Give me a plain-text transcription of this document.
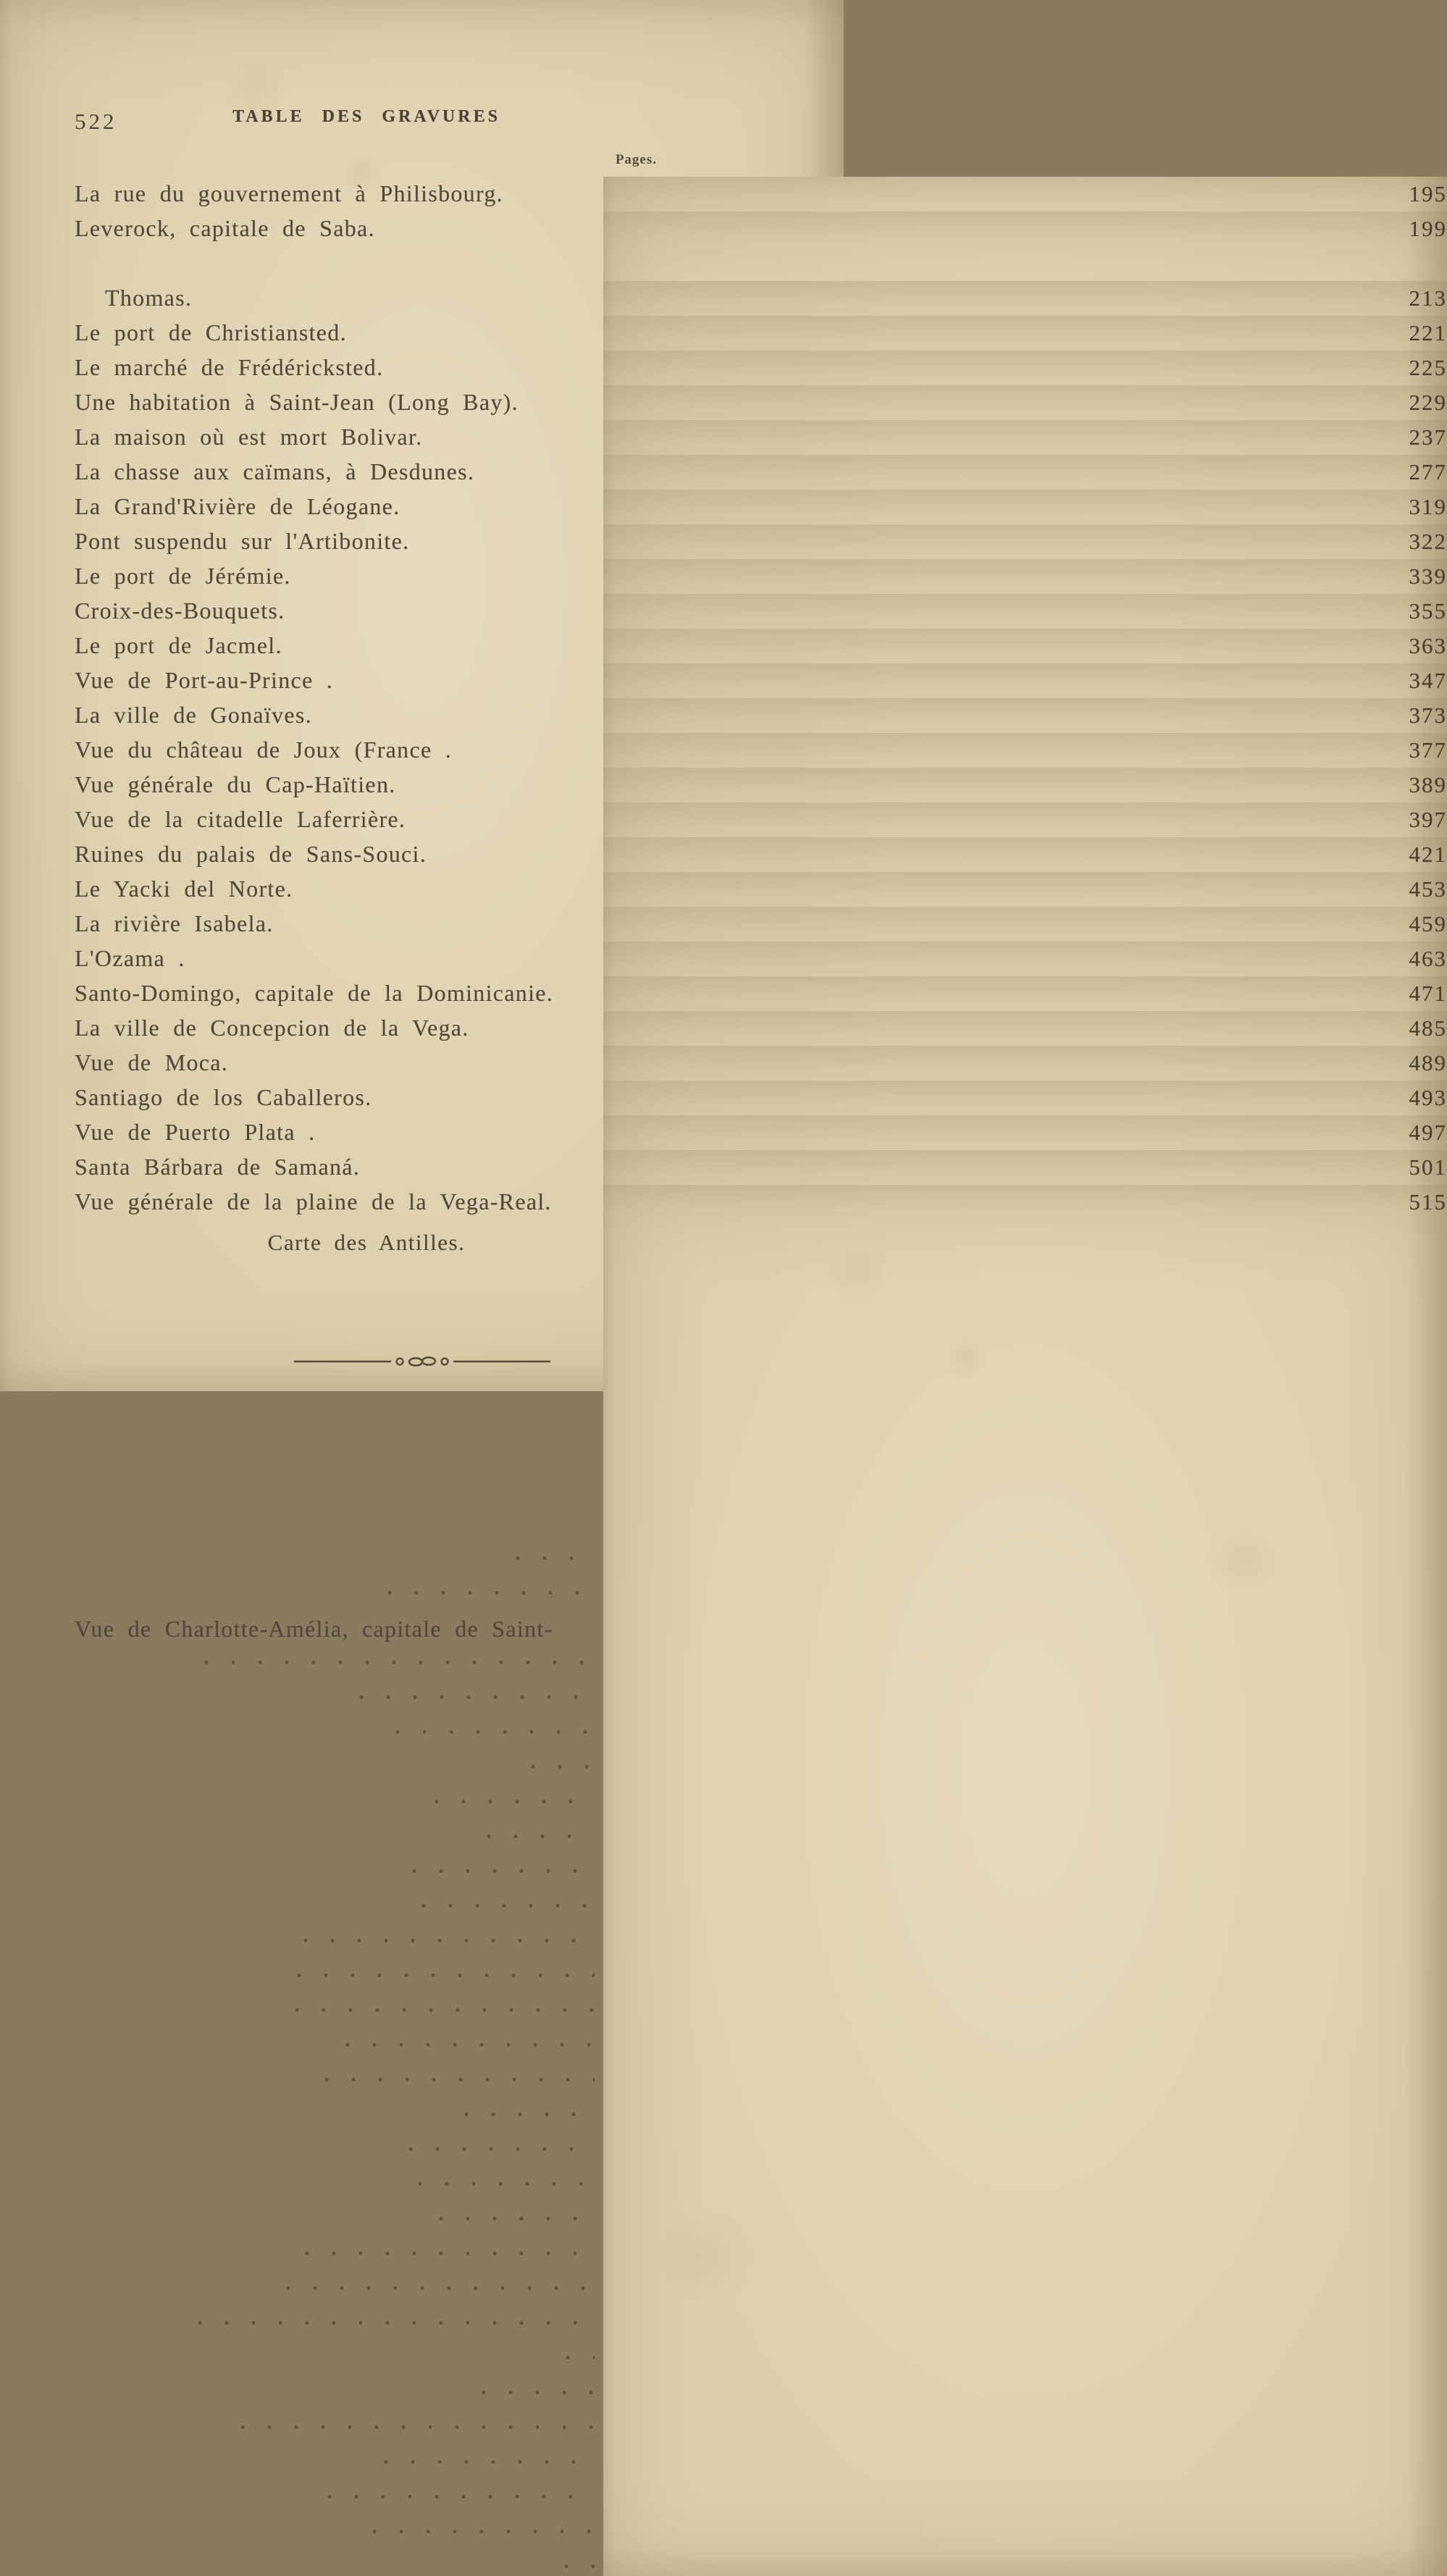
522	TABLE DES GRAVURES
Pages.
La rue du gouvernement à Philisbourg.	195
Leverock, capitale de Saba.	199
Vue de Charlotte-Amélia, capitale de Saint-
Thomas.	213
Le port de Christiansted.	221
Le marché de Frédéricksted.	225
Une habitation à Saint-Jean (Long Bay).	229
La maison où est mort Bolivar.	237
La chasse aux caïmans, à Desdunes.	277
La Grand'Rivière de Léogane.	319
Pont suspendu sur l'Artibonite.	322
Le port de Jérémie.	339
Croix-des-Bouquets.	355
Le port de Jacmel.	363
Vue de Port-au-Prince .	347
La ville de Gonaïves.	373
Vue du château de Joux (France .	377
Vue générale du Cap-Haïtien.	389
Vue de la citadelle Laferrière.	397
Ruines du palais de Sans-Souci.	421
Le Yacki del Norte.	453
La rivière Isabela.	459
L'Ozama .	463
Santo-Domingo, capitale de la Dominicanie.	471
La ville de Concepcion de la Vega.	485
Vue de Moca.	489
Santiago de los Caballeros.	493
Vue de Puerto Plata .	497
Santa Bárbara de Samaná.	501
Vue générale de la plaine de la Vega-Real.	515
Carte des Antilles.
